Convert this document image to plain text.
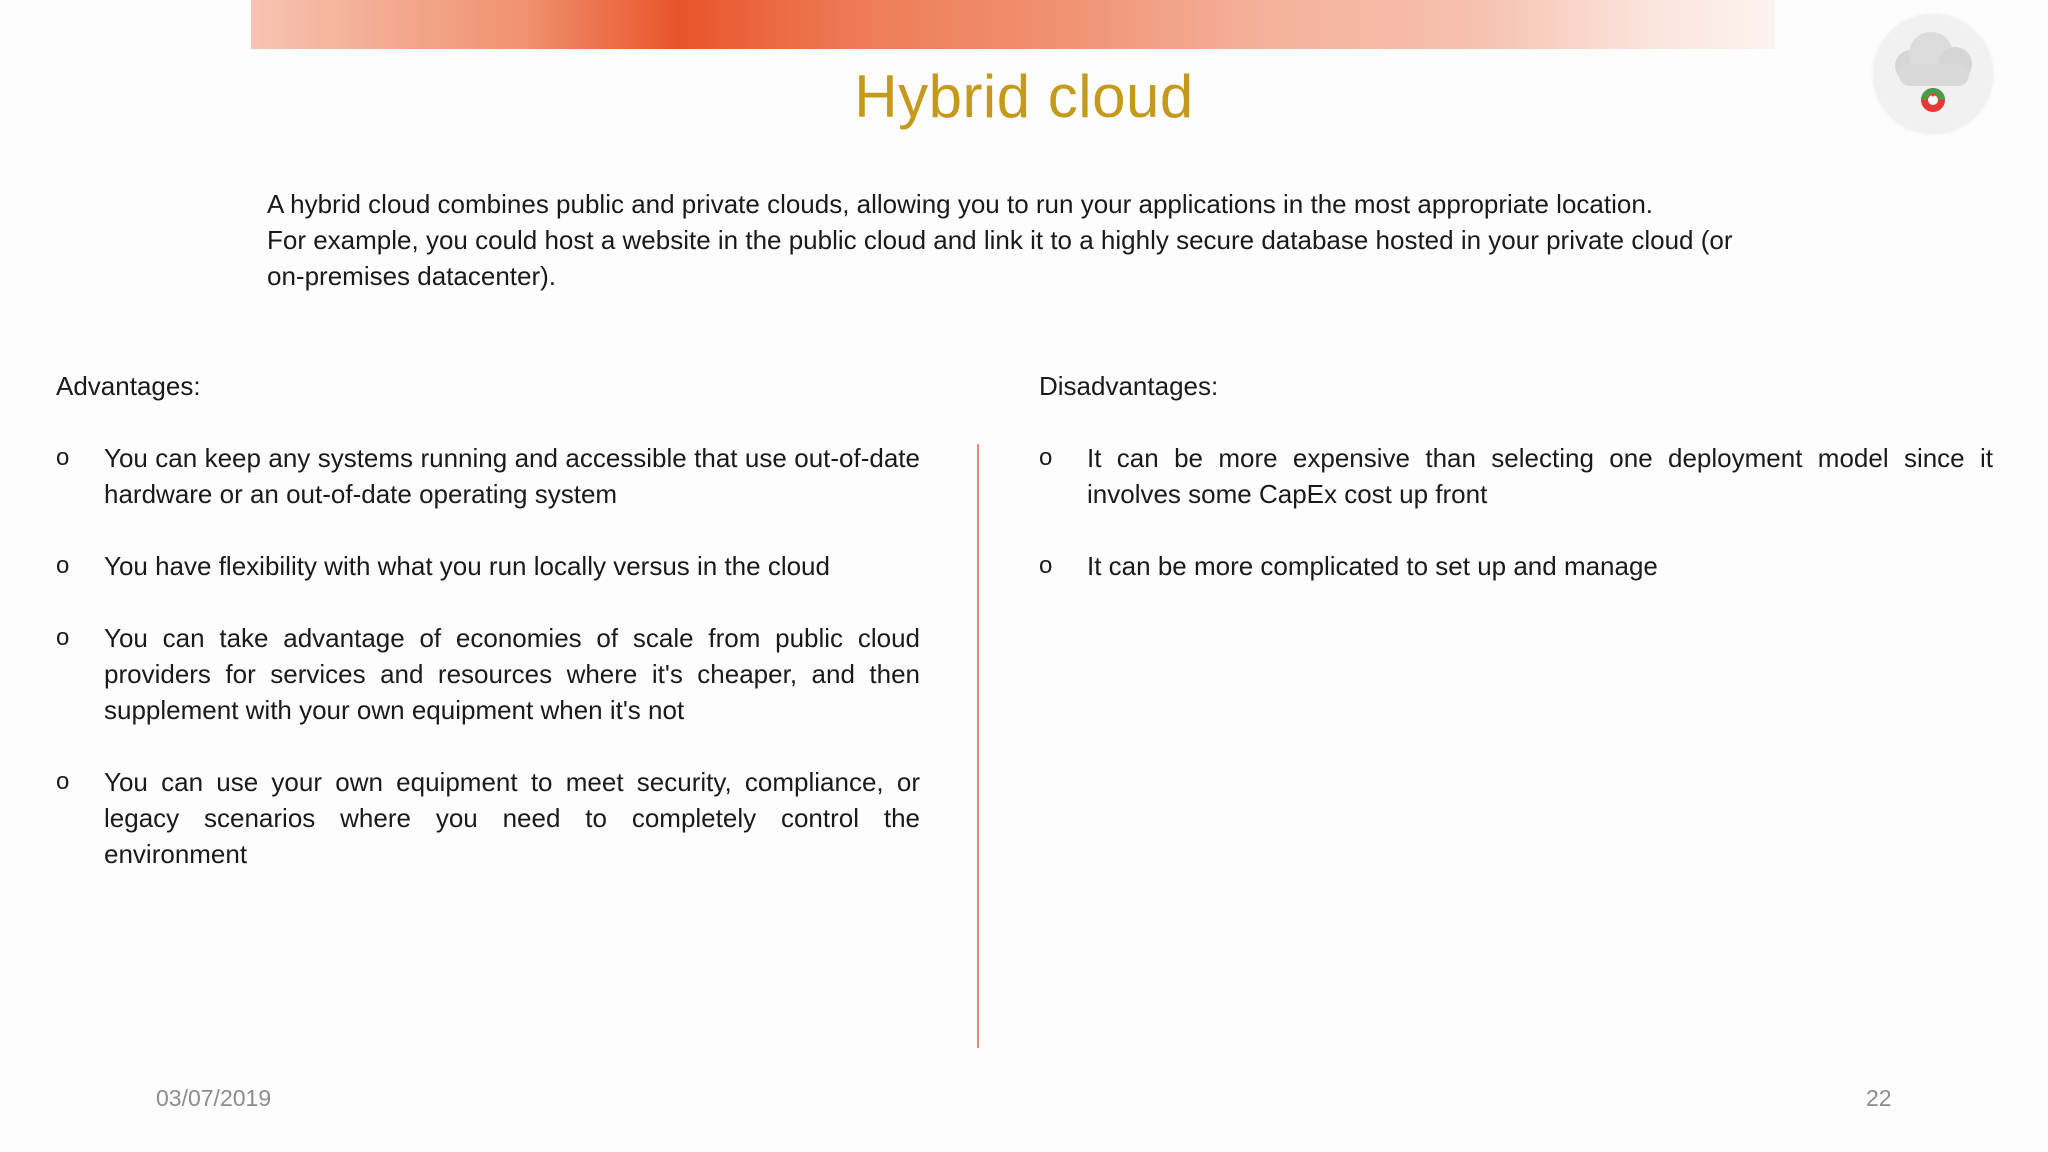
Hybrid cloud

A hybrid cloud combines public and private clouds, allowing you to run your applications in the most appropriate location.

For example, you could host a website in the public cloud and link it to a highly secure database hosted in your private cloud (or on-premises datacenter).

Advantages:	Disadvantages:
o You can keep any systems running and accessible that use out-of-date hardware or an out-of-date operating system
o You have flexibility with what you run locally versus in the cloud
o You can take advantage of economies of scale from public cloud providers for services and resources where it's cheaper, and then supplement with your own equipment when it's not
o You can use your own equipment to meet security, compliance, or legacy scenarios where you need to completely control the environment
o It can be more expensive than selecting one deployment model since it involves some CapEx cost up front
o It can be more complicated to set up and manage
03/07/2019	22
